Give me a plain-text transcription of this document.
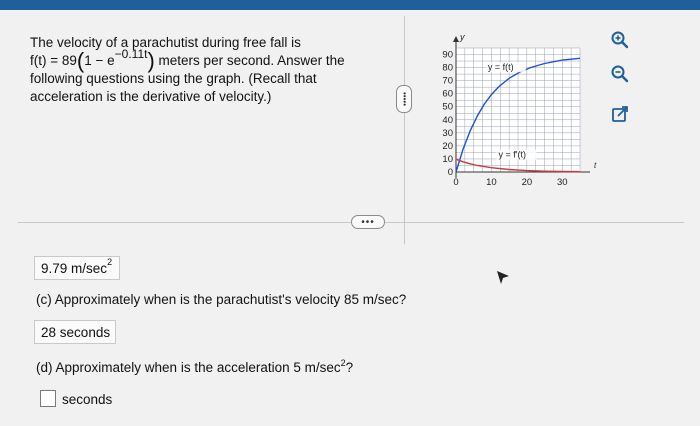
The velocity of a parachutist during free fall is
f(t) = 89(1 − e−0.11t) meters per second. Answer the
following questions using the graph. (Recall that
acceleration is the derivative of velocity.)	•••••
y
t
0
10
20
30
40
50
60
70
80
90
0	10	20	30
y = f(t)
y = f′(t)
•••
9.79
m/sec 2
(c) Approximately when is the parachutist's velocity 85 m/sec?
28
seconds
(d) Approximately when is the acceleration 5 $m/\sec^2$?
seconds
